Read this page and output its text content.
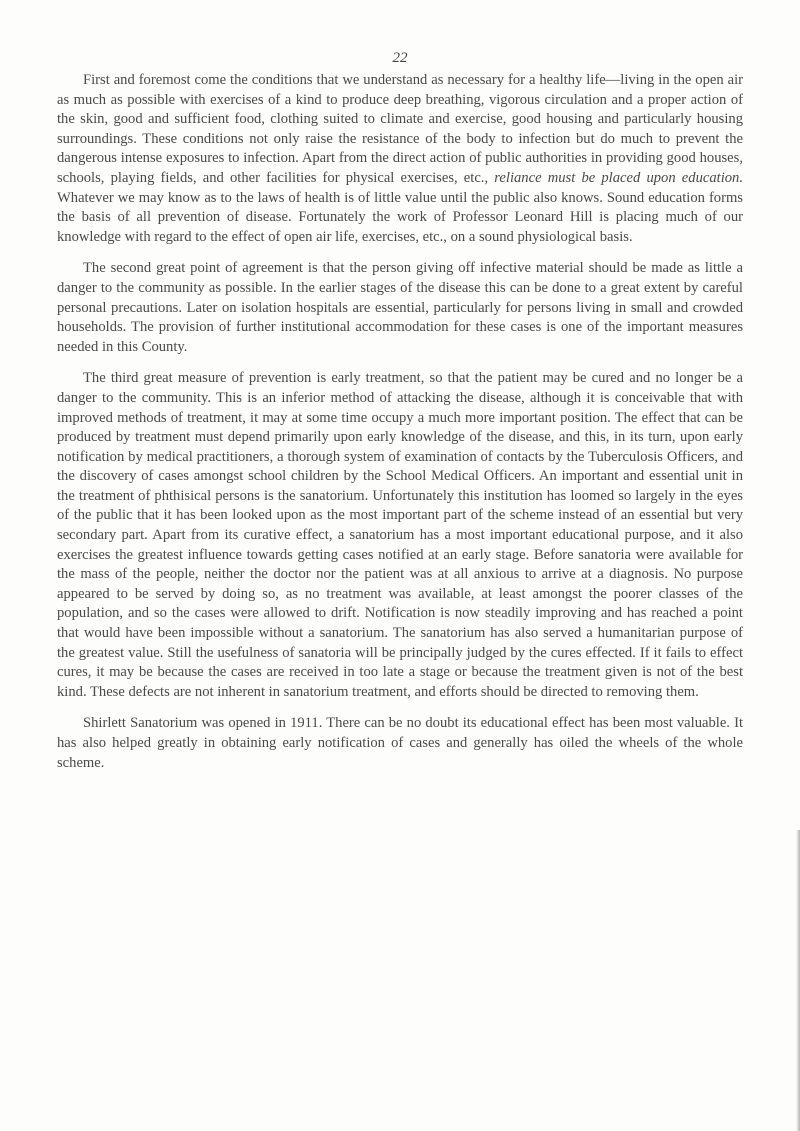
22

First and foremost come the conditions that we understand as necessary for a healthy life—living in the open air as much as possible with exercises of a kind to produce deep breathing, vigorous circulation and a proper action of the skin, good and sufficient food, clothing suited to climate and exercise, good housing and particularly housing surroundings. These conditions not only raise the resistance of the body to infection but do much to prevent the dangerous intense exposures to infection. Apart from the direct action of public authorities in providing good houses, schools, playing fields, and other facilities for physical exercises, etc., reliance must be placed upon education. Whatever we may know as to the laws of health is of little value until the public also knows. Sound education forms the basis of all prevention of disease. Fortunately the work of Professor Leonard Hill is placing much of our knowledge with regard to the effect of open air life, exercises, etc., on a sound physiological basis.

The second great point of agreement is that the person giving off infective material should be made as little a danger to the community as possible. In the earlier stages of the disease this can be done to a great extent by careful personal precautions. Later on isolation hospitals are essential, particularly for persons living in small and crowded households. The provision of further institutional accommodation for these cases is one of the important measures needed in this County.

The third great measure of prevention is early treatment, so that the patient may be cured and no longer be a danger to the community. This is an inferior method of attacking the disease, although it is conceivable that with improved methods of treatment, it may at some time occupy a much more important position. The effect that can be produced by treatment must depend primarily upon early knowledge of the disease, and this, in its turn, upon early notification by medical practitioners, a thorough system of examination of contacts by the Tuberculosis Officers, and the discovery of cases amongst school children by the School Medical Officers. An important and essential unit in the treatment of phthisical persons is the sanatorium. Unfortunately this institution has loomed so largely in the eyes of the public that it has been looked upon as the most important part of the scheme instead of an essential but very secondary part. Apart from its curative effect, a sanatorium has a most important educational purpose, and it also exercises the greatest influence towards getting cases notified at an early stage. Before sanatoria were available for the mass of the people, neither the doctor nor the patient was at all anxious to arrive at a diagnosis. No purpose appeared to be served by doing so, as no treatment was available, at least amongst the poorer classes of the population, and so the cases were allowed to drift. Notification is now steadily improving and has reached a point that would have been impossible without a sanatorium. The sanatorium has also served a humanitarian purpose of the greatest value. Still the usefulness of sanatoria will be principally judged by the cures effected. If it fails to effect cures, it may be because the cases are received in too late a stage or because the treatment given is not of the best kind. These defects are not inherent in sanatorium treatment, and efforts should be directed to removing them.

Shirlett Sanatorium was opened in 1911. There can be no doubt its educational effect has been most valuable. It has also helped greatly in obtaining early notification of cases and generally has oiled the wheels of the whole scheme.
